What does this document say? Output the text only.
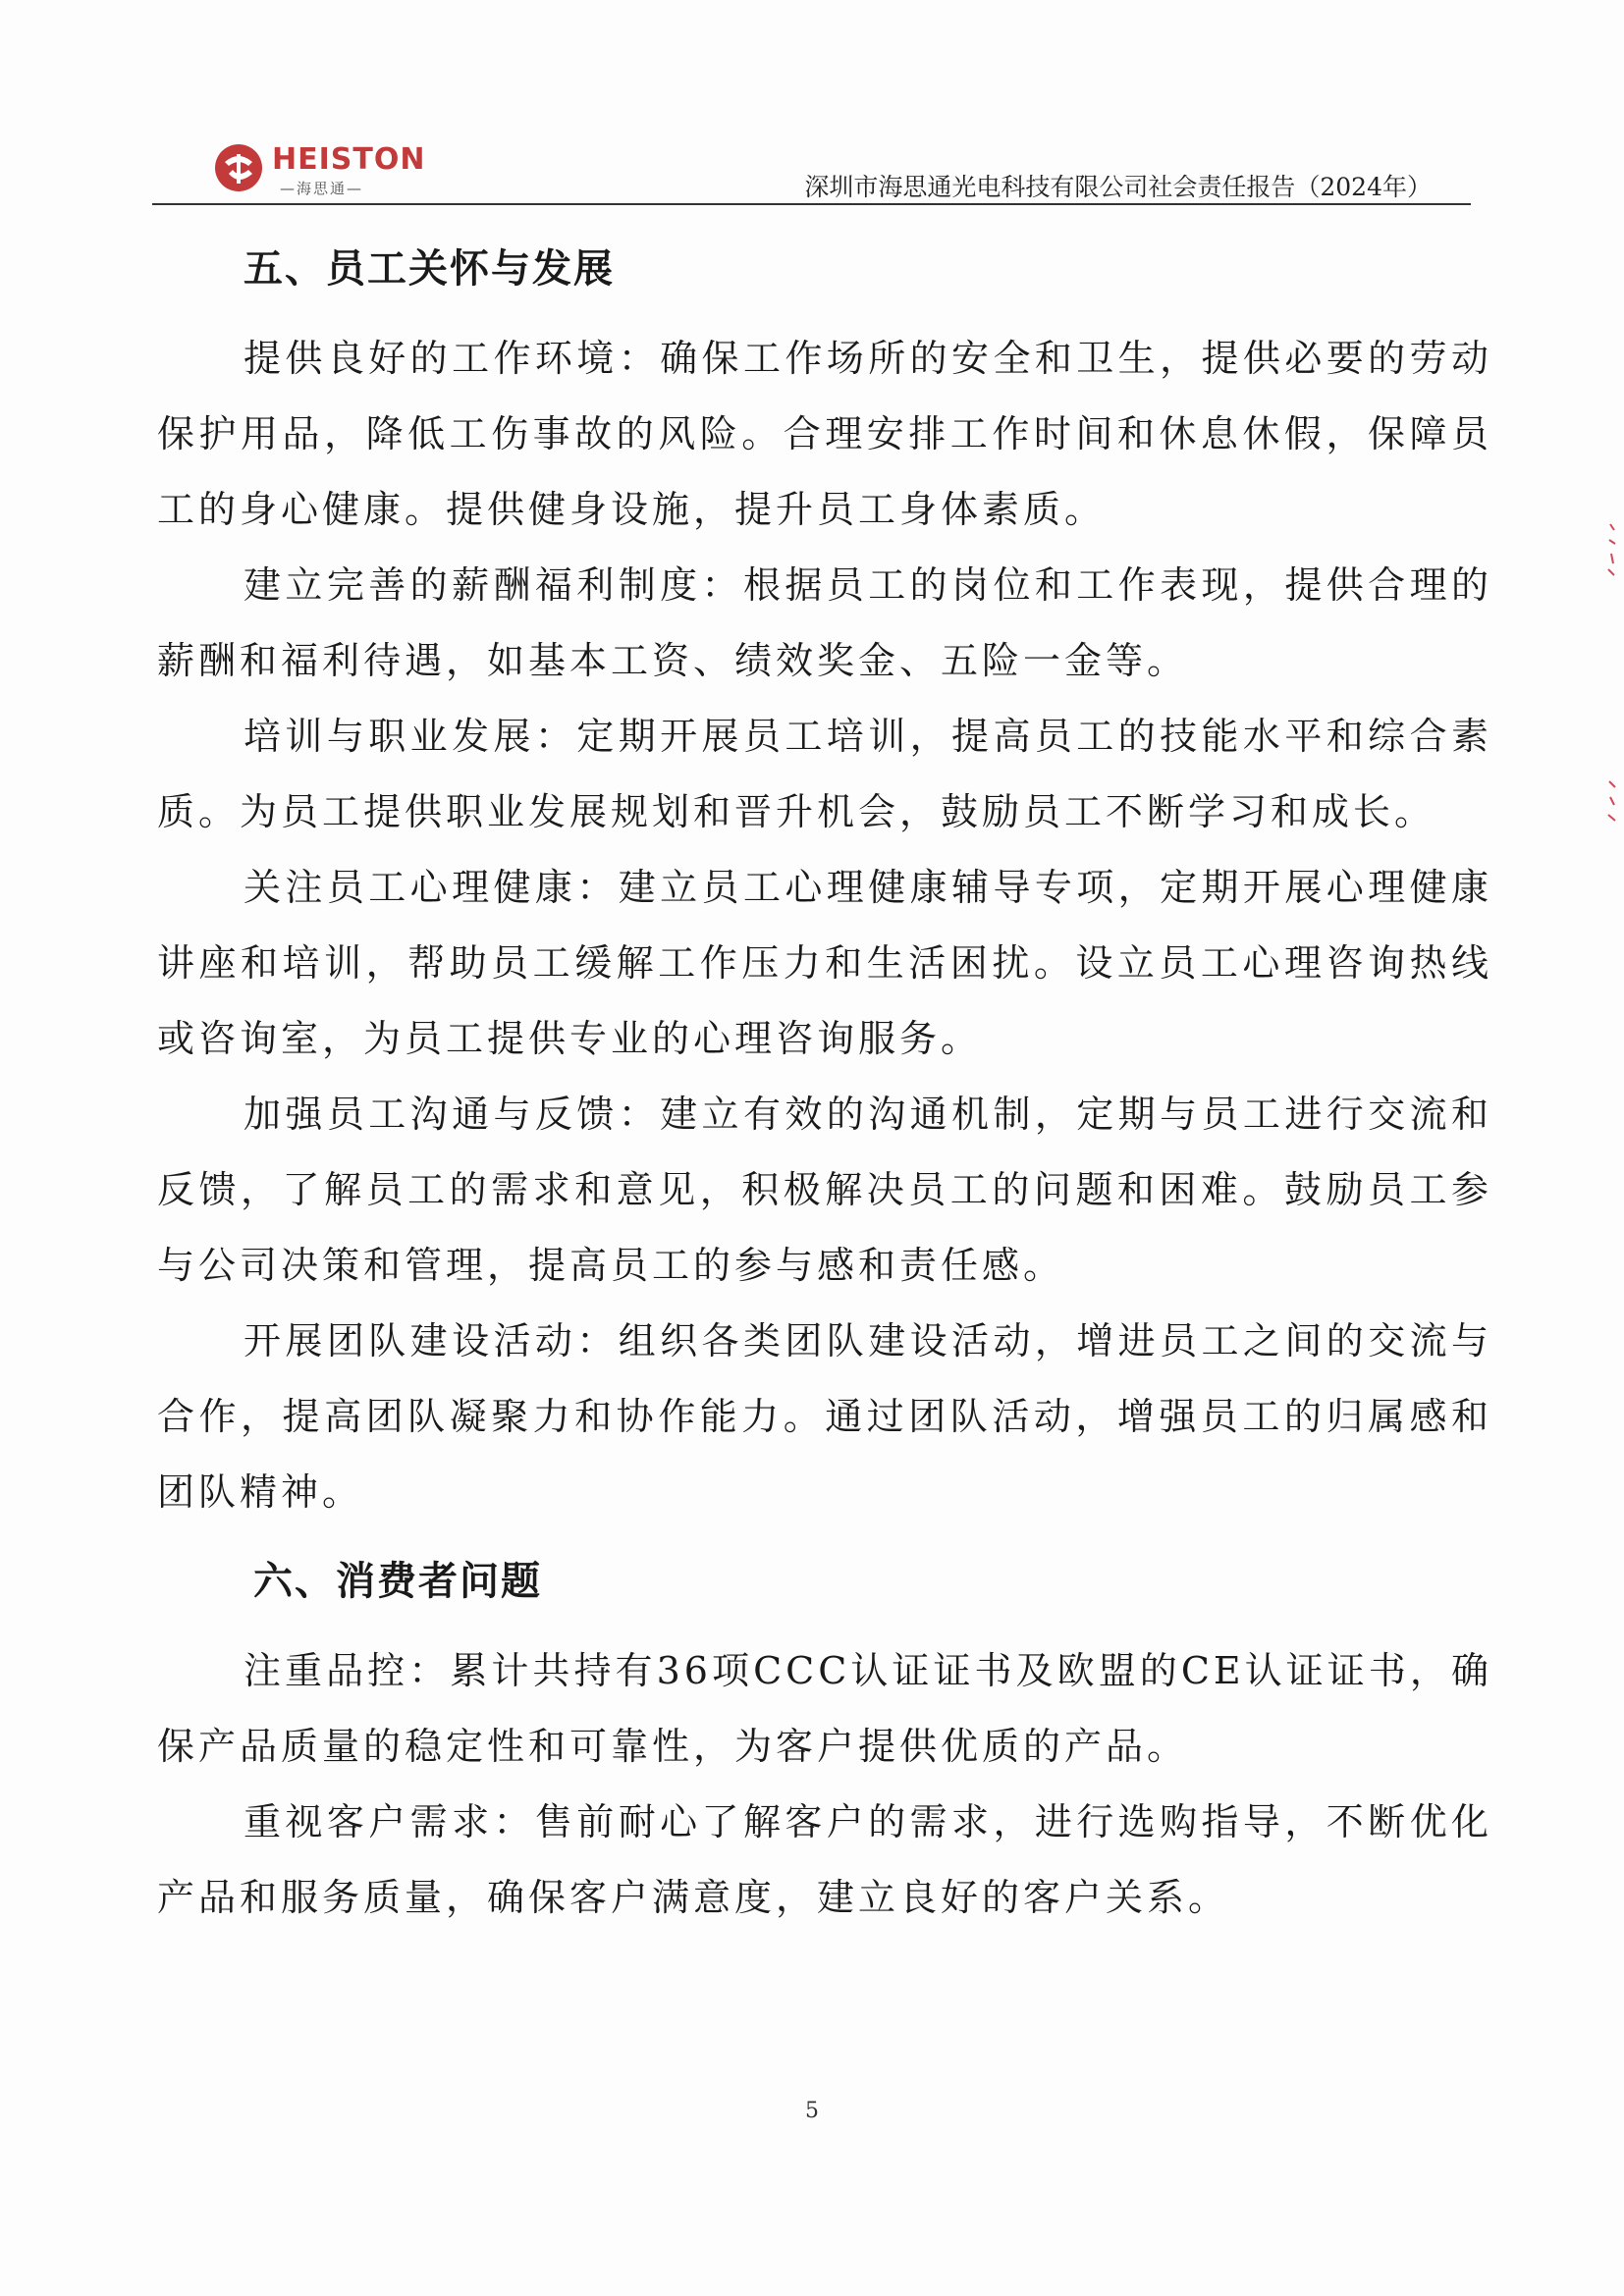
HEISTON
—海思通—	深圳市海思通光电科技有限公司社会责任报告（2024年）
五、员工关怀与发展

提供良好的工作环境：确保工作场所的安全和卫生，提供必要的劳动保护用品，降低工伤事故的风险。合理安排工作时间和休息休假，保障员工的身心健康。提供健身设施，提升员工身体素质。

建立完善的薪酬福利制度：根据员工的岗位和工作表现，提供合理的薪酬和福利待遇，如基本工资、绩效奖金、五险一金等。

培训与职业发展：定期开展员工培训，提高员工的技能水平和综合素质。为员工提供职业发展规划和晋升机会，鼓励员工不断学习和成长。

关注员工心理健康：建立员工心理健康辅导专项，定期开展心理健康讲座和培训，帮助员工缓解工作压力和生活困扰。设立员工心理咨询热线或咨询室，为员工提供专业的心理咨询服务。

加强员工沟通与反馈：建立有效的沟通机制，定期与员工进行交流和反馈，了解员工的需求和意见，积极解决员工的问题和困难。鼓励员工参与公司决策和管理，提高员工的参与感和责任感。

开展团队建设活动：组织各类团队建设活动，增进员工之间的交流与合作，提高团队凝聚力和协作能力。通过团队活动，增强员工的归属感和团队精神。

六、消费者问题

注重品控：累计共持有36项CCC认证证书及欧盟的CE认证证书，确保产品质量的稳定性和可靠性，为客户提供优质的产品。

重视客户需求：售前耐心了解客户的需求，进行选购指导，不断优化产品和服务质量，确保客户满意度，建立良好的客户关系。

5
